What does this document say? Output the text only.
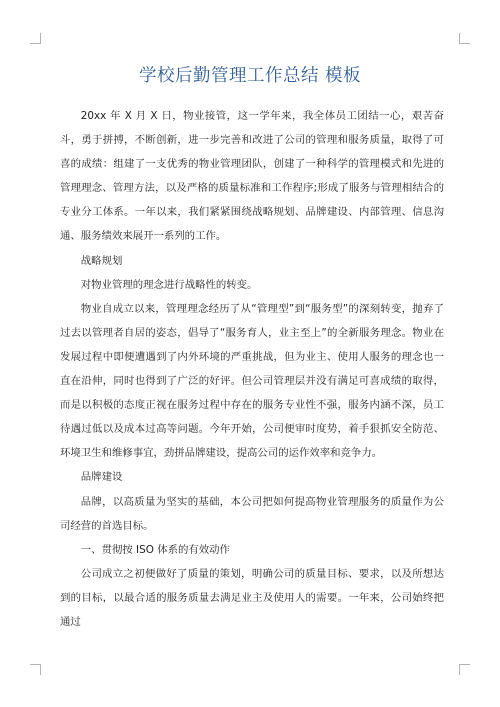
学校后勤管理工作总结 模板

20xx 年 X 月 X 日，物业接管，这一学年来，我全体员工团结一心，艰苦奋斗，勇于拼搏，不断创新，进一步完善和改进了公司的管理和服务质量，取得了可喜的成绩：组建了一支优秀的物业管理团队，创建了一种科学的管理模式和先进的管理理念、管理方法，以及严格的质量标准和工作程序;形成了服务与管理相结合的专业分工体系。一年以来，我们紧紧围绕战略规划、品牌建设、内部管理、信息沟通、服务绩效来展开一系列的工作。

战略规划

对物业管理的理念进行战略性的转变。

物业自成立以来，管理理念经历了从“管理型”到“服务型”的深刻转变，抛弃了过去以管理者自居的姿态，倡导了“服务育人，业主至上”的全新服务理念。物业在发展过程中即便遭遇到了内外环境的严重挑战，但为业主、使用人服务的理念也一直在沿伸，同时也得到了广泛的好评。但公司管理层并没有满足可喜成绩的取得，而是以积极的态度正视在服务过程中存在的服务专业性不强，服务内涵不深，员工待遇过低以及成本过高等问题。今年开始，公司便审时度势，着手狠抓安全防范、环境卫生和维修事宜，劲拼品牌建设，提高公司的运作效率和竞争力。

品牌建设

品牌，以高质量为坚实的基础，本公司把如何提高物业管理服务的质量作为公司经营的首选目标。

一、贯彻按 ISO 体系的有效动作

公司成立之初便做好了质量的策划，明确公司的质量目标、要求，以及所想达到的目标，以最合适的服务质量去满足业主及使用人的需要。一年来，公司始终把通过
